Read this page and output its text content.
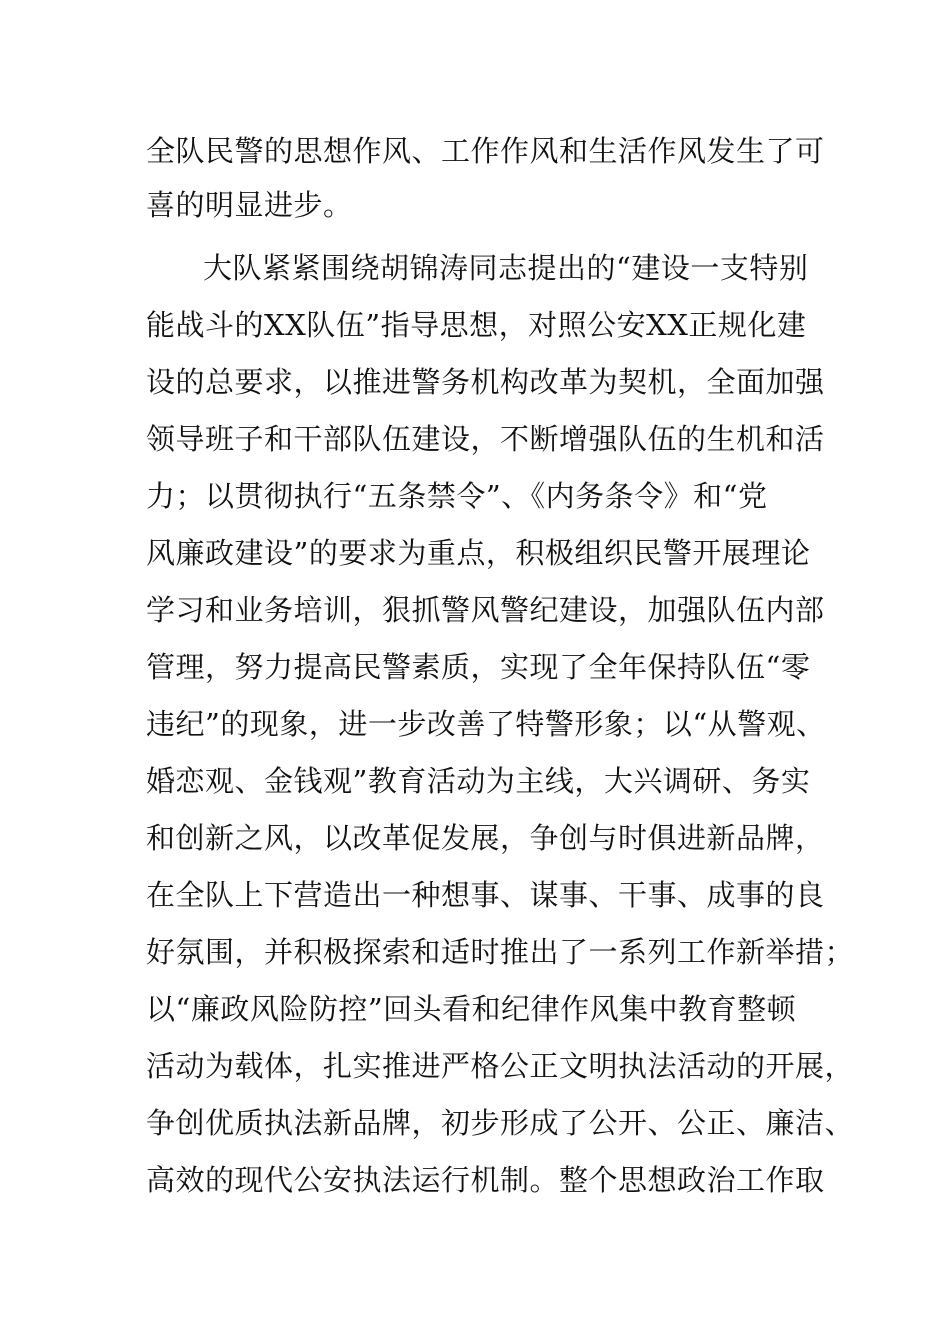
全队民警的思想作风、工作作风和生活作风发生了可
喜的明显进步。
大队紧紧围绕胡锦涛同志提出的“建设一支特别
能战斗的XX队伍”指导思想，对照公安XX正规化建
设的总要求，以推进警务机构改革为契机，全面加强
领导班子和干部队伍建设，不断增强队伍的生机和活
力；以贯彻执行“五条禁令”、《内务条令》和“党
风廉政建设”的要求为重点，积极组织民警开展理论
学习和业务培训，狠抓警风警纪建设，加强队伍内部
管理，努力提高民警素质，实现了全年保持队伍“零
违纪”的现象，进一步改善了特警形象；以“从警观、
婚恋观、金钱观”教育活动为主线，大兴调研、务实
和创新之风，以改革促发展，争创与时俱进新品牌，
在全队上下营造出一种想事、谋事、干事、成事的良
好氛围，并积极探索和适时推出了一系列工作新举措；
以“廉政风险防控”回头看和纪律作风集中教育整顿
活动为载体，扎实推进严格公正文明执法活动的开展，
争创优质执法新品牌，初步形成了公开、公正、廉洁、
高效的现代公安执法运行机制。整个思想政治工作取
